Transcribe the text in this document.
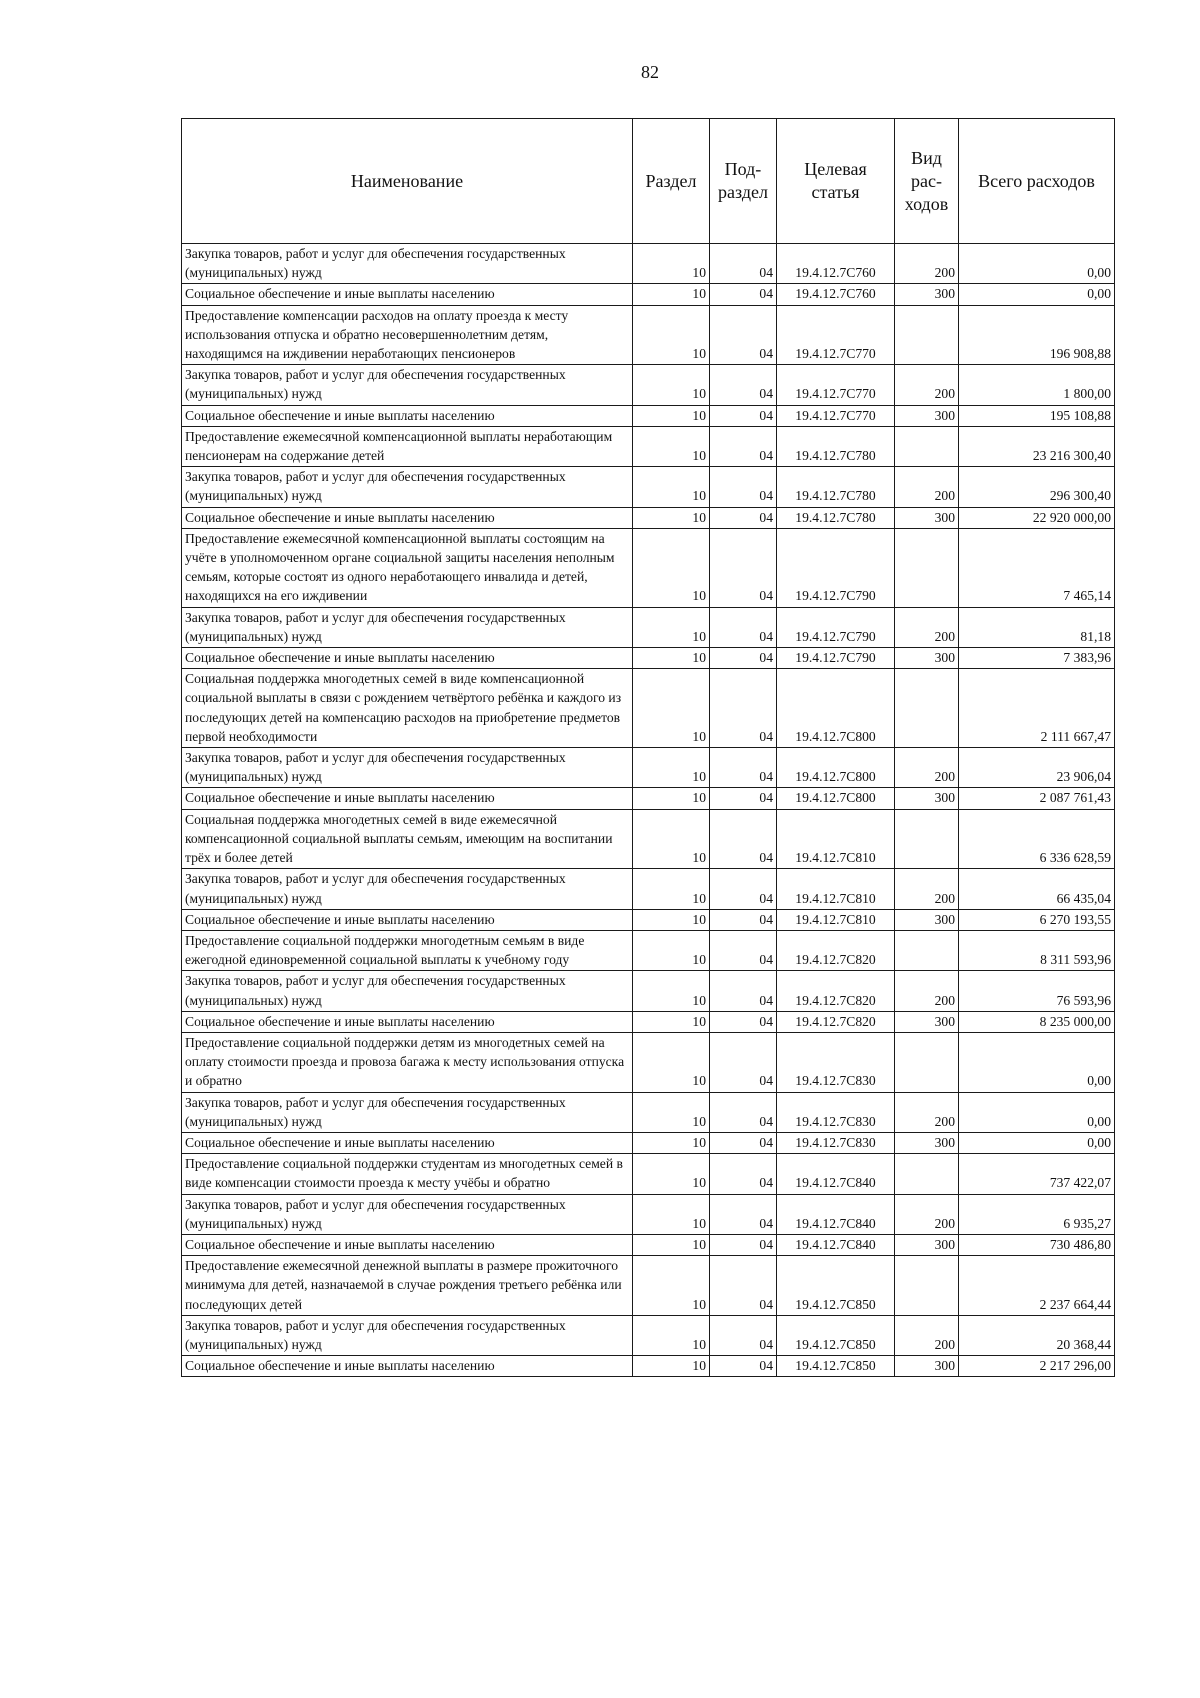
82
Наименование	Раздел	Под-раздел	Целевая статья	Вид рас-ходов	Всего расходов
Закупка товаров, работ и услуг для обеспечения государственных (муниципальных) нужд	10	04	19.4.12.7С760	200	0,00
Социальное обеспечение и иные выплаты населению	10	04	19.4.12.7С760	300	0,00
Предоставление компенсации расходов на оплату проезда к месту использования отпуска и обратно несовершеннолетним детям, находящимся на иждивении неработающих пенсионеров	10	04	19.4.12.7С770		196 908,88
Закупка товаров, работ и услуг для обеспечения государственных (муниципальных) нужд	10	04	19.4.12.7С770	200	1 800,00
Социальное обеспечение и иные выплаты населению	10	04	19.4.12.7С770	300	195 108,88
Предоставление ежемесячной компенсационной выплаты неработающим пенсионерам на содержание детей	10	04	19.4.12.7С780		23 216 300,40
Закупка товаров, работ и услуг для обеспечения государственных (муниципальных) нужд	10	04	19.4.12.7С780	200	296 300,40
Социальное обеспечение и иные выплаты населению	10	04	19.4.12.7С780	300	22 920 000,00
Предоставление ежемесячной компенсационной выплаты состоящим на учёте в уполномоченном органе социальной защиты населения неполным семьям, которые состоят из одного неработающего инвалида и детей, находящихся на его иждивении	10	04	19.4.12.7С790		7 465,14
Закупка товаров, работ и услуг для обеспечения государственных (муниципальных) нужд	10	04	19.4.12.7С790	200	81,18
Социальное обеспечение и иные выплаты населению	10	04	19.4.12.7С790	300	7 383,96
Социальная поддержка многодетных семей в виде компенсационной социальной выплаты в связи с рождением четвёртого ребёнка и каждого из последующих детей на компенсацию расходов на приобретение предметов первой необходимости	10	04	19.4.12.7С800		2 111 667,47
Закупка товаров, работ и услуг для обеспечения государственных (муниципальных) нужд	10	04	19.4.12.7С800	200	23 906,04
Социальное обеспечение и иные выплаты населению	10	04	19.4.12.7С800	300	2 087 761,43
Социальная поддержка многодетных семей в виде ежемесячной компенсационной социальной выплаты семьям, имеющим на воспитании трёх и более детей	10	04	19.4.12.7С810		6 336 628,59
Закупка товаров, работ и услуг для обеспечения государственных (муниципальных) нужд	10	04	19.4.12.7С810	200	66 435,04
Социальное обеспечение и иные выплаты населению	10	04	19.4.12.7С810	300	6 270 193,55
Предоставление социальной поддержки многодетным семьям в виде ежегодной единовременной социальной выплаты к учебному году	10	04	19.4.12.7С820		8 311 593,96
Закупка товаров, работ и услуг для обеспечения государственных (муниципальных) нужд	10	04	19.4.12.7С820	200	76 593,96
Социальное обеспечение и иные выплаты населению	10	04	19.4.12.7С820	300	8 235 000,00
Предоставление социальной поддержки детям из многодетных семей на оплату стоимости проезда и провоза багажа к месту использования отпуска и обратно	10	04	19.4.12.7С830		0,00
Закупка товаров, работ и услуг для обеспечения государственных (муниципальных) нужд	10	04	19.4.12.7С830	200	0,00
Социальное обеспечение и иные выплаты населению	10	04	19.4.12.7С830	300	0,00
Предоставление социальной поддержки студентам из многодетных семей в виде компенсации стоимости проезда к месту учёбы и обратно	10	04	19.4.12.7С840		737 422,07
Закупка товаров, работ и услуг для обеспечения государственных (муниципальных) нужд	10	04	19.4.12.7С840	200	6 935,27
Социальное обеспечение и иные выплаты населению	10	04	19.4.12.7С840	300	730 486,80
Предоставление ежемесячной денежной выплаты в размере прожиточного минимума для детей, назначаемой в случае рождения третьего ребёнка или последующих детей	10	04	19.4.12.7С850		2 237 664,44
Закупка товаров, работ и услуг для обеспечения государственных (муниципальных) нужд	10	04	19.4.12.7С850	200	20 368,44
Социальное обеспечение и иные выплаты населению	10	04	19.4.12.7С850	300	2 217 296,00
